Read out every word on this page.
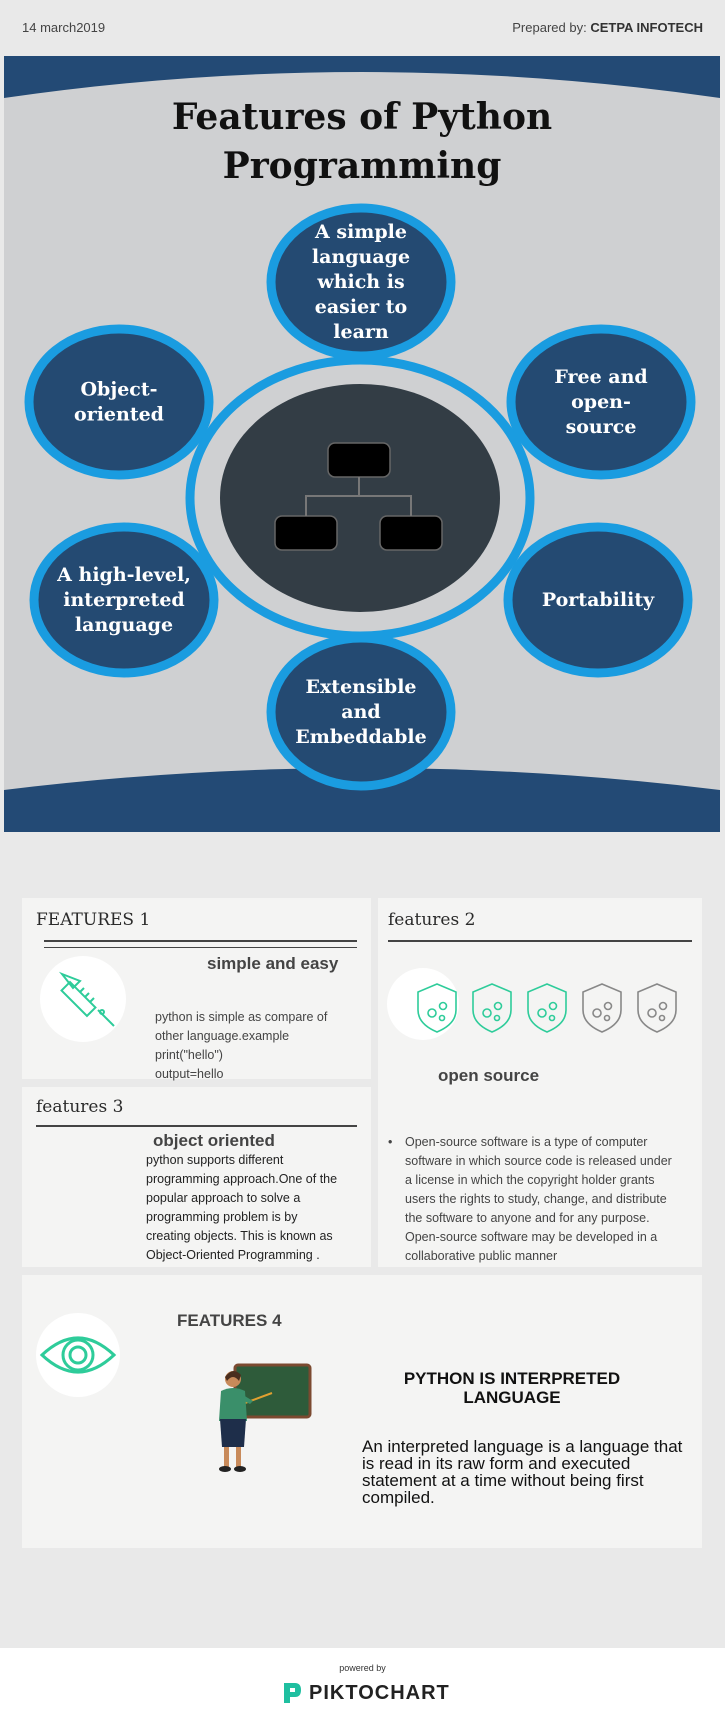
14 march2019	Prepared by: CETPA INFOTECH
Features of Python
Programming
A simple language which is easier to learn
Object-oriented
Free and open-source
A high-level, interpreted language
Portability
Extensible and Embeddable
FEATURES 1
simple and easy
python is simple as compare of
other language.example
print("hello")
output=hello
features 2
open source
•	Open-source software is a type of computer
software in which source code is released under
a license in which the copyright holder grants
users the rights to study, change, and distribute
the software to anyone and for any purpose.
Open-source software may be developed in a
collaborative public manner
features 3
object oriented
python supports different
programming approach.One of the
popular approach to solve a
programming problem is by
creating objects. This is known as
Object-Oriented Programming .
FEATURES 4
PYTHON IS INTERPRETED
LANGUAGE
An interpreted language is a language that
is read in its raw form and executed
statement at a time without being first
compiled.
powered by
PIKTOCHART
